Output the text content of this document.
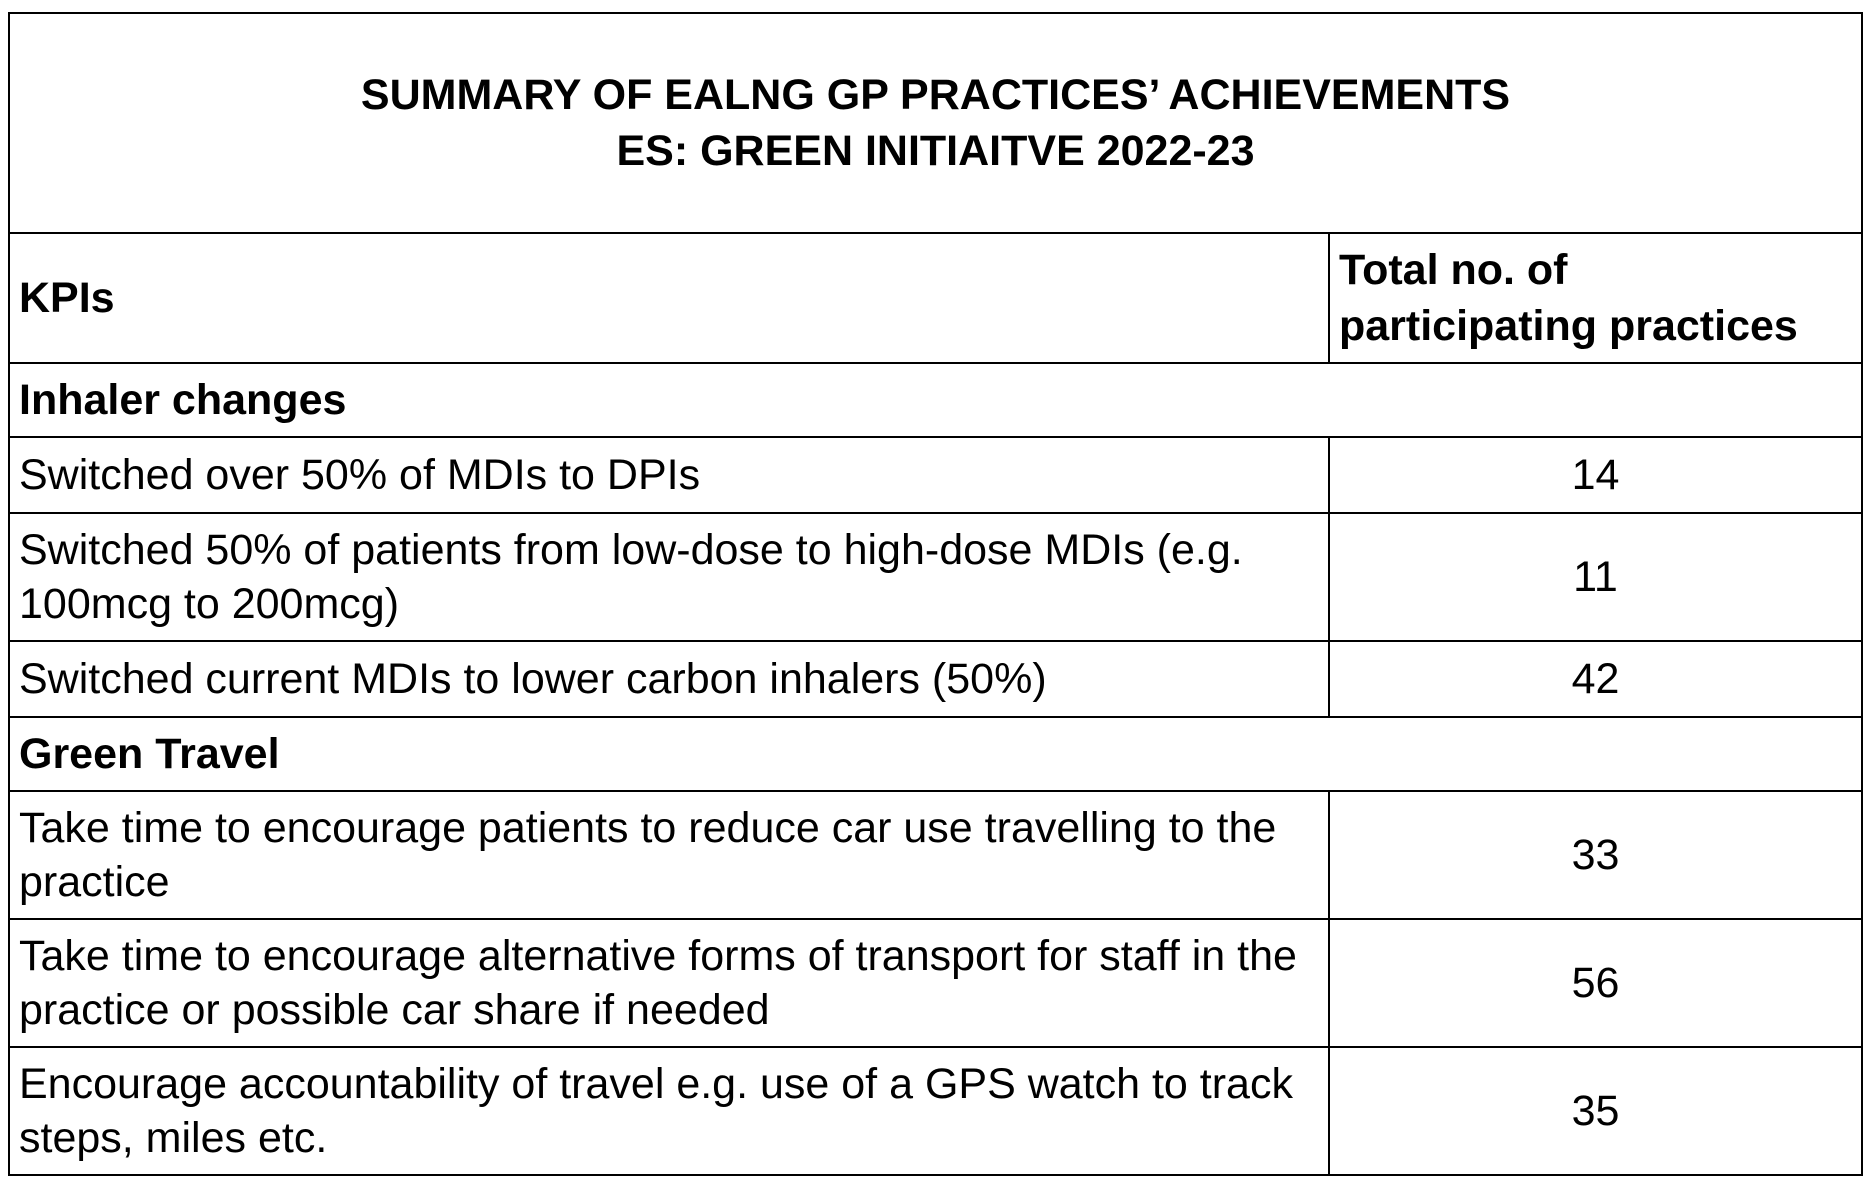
SUMMARY OF EALNG GP PRACTICES’ ACHIEVEMENTS
ES: GREEN INITIAITVE 2022-23	

KPIs	Total no. of
participating practices

Inhaler changes	
Switched over 50% of MDIs to DPIs	14
Switched 50% of patients from low-dose to high-dose MDIs (e.g. 100mcg to 200mcg)	11
Switched current MDIs to lower carbon inhalers (50%)	42
Green Travel	
Take time to encourage patients to reduce car use travelling to the practice	33
Take time to encourage alternative forms of transport for staff in the practice or possible car share if needed	56
Encourage accountability of travel e.g. use of a GPS watch to track steps, miles etc.	35
